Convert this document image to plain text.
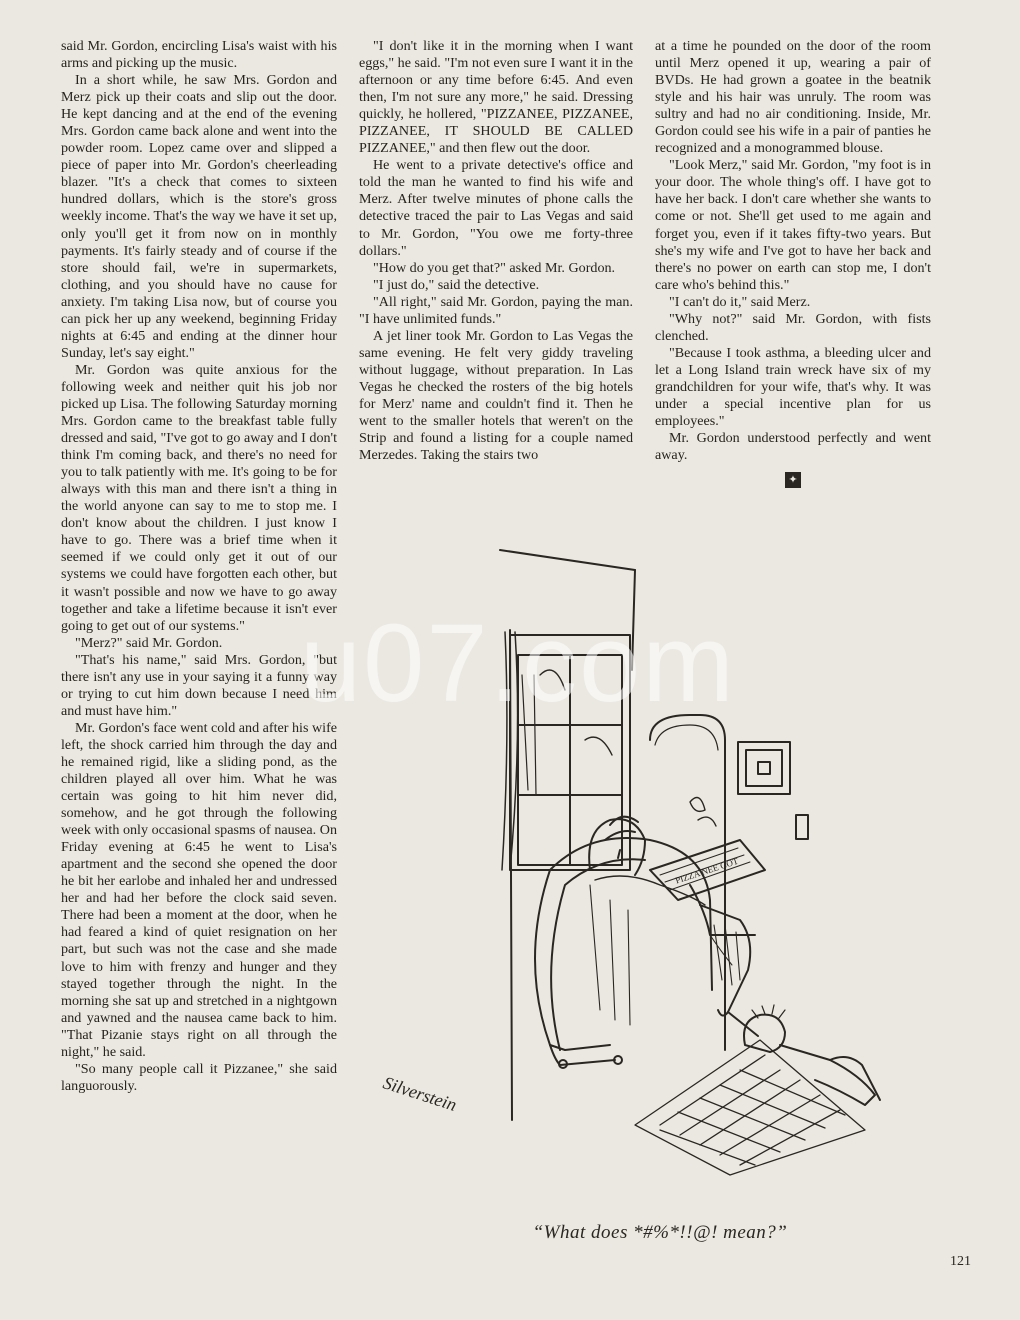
said Mr. Gordon, encircling Lisa's waist with his arms and picking up the music.

In a short while, he saw Mrs. Gordon and Merz pick up their coats and slip out the door. He kept dancing and at the end of the evening Mrs. Gordon came back alone and went into the powder room. Lopez came over and slipped a piece of paper into Mr. Gordon's cheerleading blazer. "It's a check that comes to sixteen hundred dollars, which is the store's gross weekly income. That's the way we have it set up, only you'll get it from now on in monthly payments. It's fairly steady and of course if the store should fail, we're in supermarkets, clothing, and you should have no cause for anxiety. I'm taking Lisa now, but of course you can pick her up any weekend, beginning Friday nights at 6:45 and ending at the dinner hour Sunday, let's say eight."

Mr. Gordon was quite anxious for the following week and neither quit his job nor picked up Lisa. The following Saturday morning Mrs. Gordon came to the breakfast table fully dressed and said, "I've got to go away and I don't think I'm coming back, and there's no need for you to talk patiently with me. It's going to be for always with this man and there isn't a thing in the world anyone can say to me to stop me. I don't know about the children. I just know I have to go. There was a brief time when it seemed if we could only get it out of our systems we could have forgotten each other, but it wasn't possible and now we have to go away together and take a lifetime because it isn't ever going to get out of our systems."

"Merz?" said Mr. Gordon.

"That's his name," said Mrs. Gordon, "but there isn't any use in your saying it a funny way or trying to cut him down because I need him and must have him."

Mr. Gordon's face went cold and after his wife left, the shock carried him through the day and he remained rigid, like a sliding pond, as the children played all over him. What he was certain was going to hit him never did, somehow, and he got through the following week with only occasional spasms of nausea. On Friday evening at 6:45 he went to Lisa's apartment and the second she opened the door he bit her earlobe and inhaled her and undressed her and had her before the clock said seven. There had been a moment at the door, when he had feared a kind of quiet resignation on her part, but such was not the case and she made love to him with frenzy and hunger and they stayed together through the night. In the morning she sat up and stretched in a nightgown and yawned and the nausea came back to him. "That Pizanie stays right on all through the night," he said.

"So many people call it Pizzanee," she said languorously.

"I don't like it in the morning when I want eggs," he said. "I'm not even sure I want it in the afternoon or any time before 6:45. And even then, I'm not sure any more," he said. Dressing quickly, he hollered, "PIZZANEE, PIZZANEE, PIZZANEE, IT SHOULD BE CALLED PIZZANEE," and then flew out the door.

He went to a private detective's office and told the man he wanted to find his wife and Merz. After twelve minutes of phone calls the detective traced the pair to Las Vegas and said to Mr. Gordon, "You owe me forty-three dollars."

"How do you get that?" asked Mr. Gordon.

"I just do," said the detective.

"All right," said Mr. Gordon, paying the man. "I have unlimited funds."

A jet liner took Mr. Gordon to Las Vegas the same evening. He felt very giddy traveling without luggage, without preparation. In Las Vegas he checked the rosters of the big hotels for Merz' name and couldn't find it. Then he went to the smaller hotels that weren't on the Strip and found a listing for a couple named Merzedes. Taking the stairs two

at a time he pounded on the door of the room until Merz opened it up, wearing a pair of BVDs. He had grown a goatee in the beatnik style and his hair was unruly. The room was sultry and had no air conditioning. Inside, Mr. Gordon could see his wife in a pair of panties he recognized and a monogrammed blouse.

"Look Merz," said Mr. Gordon, "my foot is in your door. The whole thing's off. I have got to have her back. I don't care whether she wants to come or not. She'll get used to me again and forget you, even if it takes fifty-two years. But she's my wife and I've got to have her back and there's no power on earth can stop me, I don't care who's behind this."

"I can't do it," said Merz.

"Why not?" said Mr. Gordon, with fists clenched.

"Because I took asthma, a bleeding ulcer and let a Long Island train wreck have six of my grandchildren for your wife, that's why. It was under a special incentive plan for us employees."

Mr. Gordon understood perfectly and went away.

✦
PIZZA NEE GOT
Silverstein
u07.com
“What does *#%*!!@! mean?”
121
